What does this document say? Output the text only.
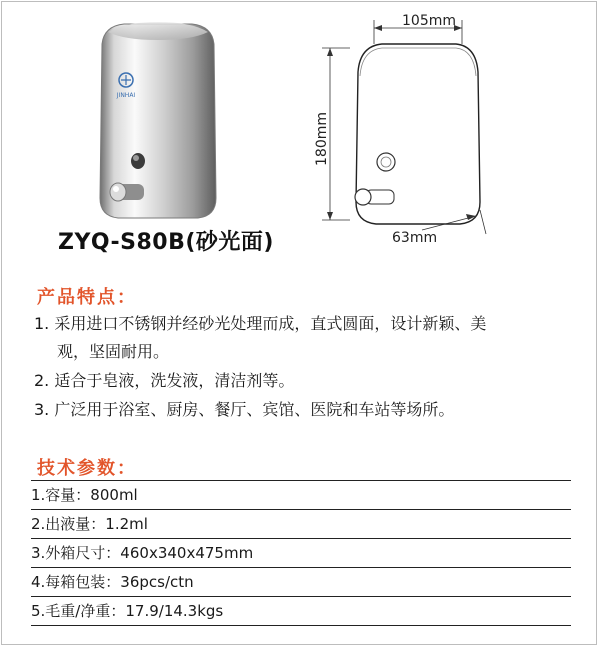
JINHAI
ZYQ-S80B(砂光面)
105mm
180mm
63mm
产品特点：
1. 采用进口不锈钢并经砂光处理而成，直式圆面，设计新颖、美
观，坚固耐用。
2. 适合于皂液，洗发液，清洁剂等。
3. 广泛用于浴室、厨房、餐厅、宾馆、医院和车站等场所。
技术参数：
1.容量：800ml
2.出液量：1.2ml
3.外箱尺寸：460x340x475mm
4.每箱包装：36pcs/ctn
5.毛重/净重：17.9/14.3kgs
